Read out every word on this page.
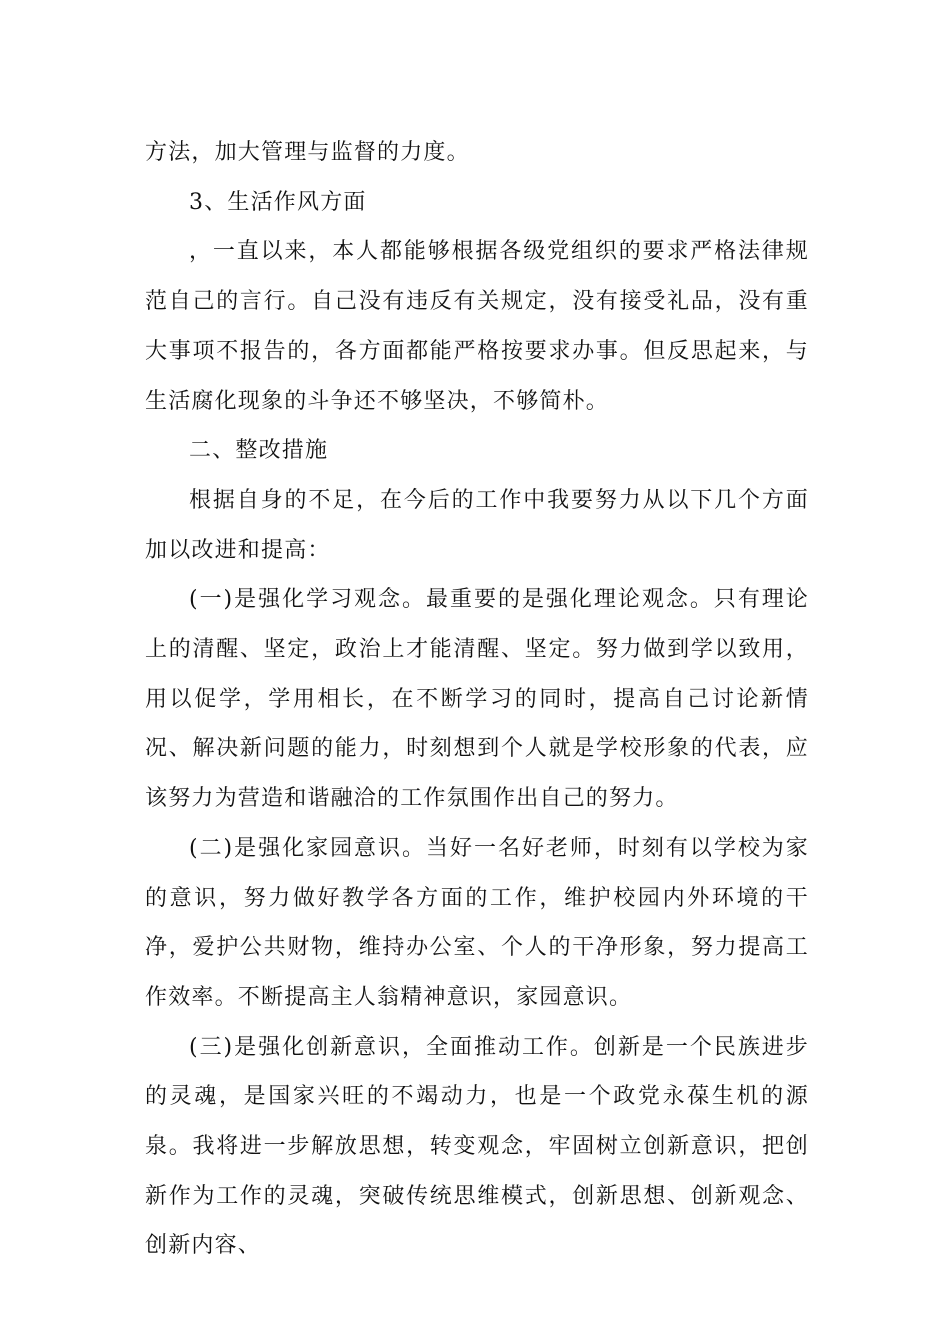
方法，加大管理与监督的力度。

3、生活作风方面

，一直以来，本人都能够根据各级党组织的要求严格法律规范自己的言行。自己没有违反有关规定，没有接受礼品，没有重大事项不报告的，各方面都能严格按要求办事。但反思起来，与生活腐化现象的斗争还不够坚决，不够简朴。

二、整改措施

根据自身的不足，在今后的工作中我要努力从以下几个方面加以改进和提高：

(一)是强化学习观念。最重要的是强化理论观念。只有理论上的清醒、坚定，政治上才能清醒、坚定。努力做到学以致用，用以促学，学用相长，在不断学习的同时，提高自己讨论新情况、解决新问题的能力，时刻想到个人就是学校形象的代表，应该努力为营造和谐融洽的工作氛围作出自己的努力。

(二)是强化家园意识。当好一名好老师，时刻有以学校为家的意识，努力做好教学各方面的工作，维护校园内外环境的干净，爱护公共财物，维持办公室、个人的干净形象，努力提高工作效率。不断提高主人翁精神意识，家园意识。

(三)是强化创新意识，全面推动工作。创新是一个民族进步的灵魂，是国家兴旺的不竭动力，也是一个政党永葆生机的源泉。我将进一步解放思想，转变观念，牢固树立创新意识，把创新作为工作的灵魂，突破传统思维模式，创新思想、创新观念、创新内容、
